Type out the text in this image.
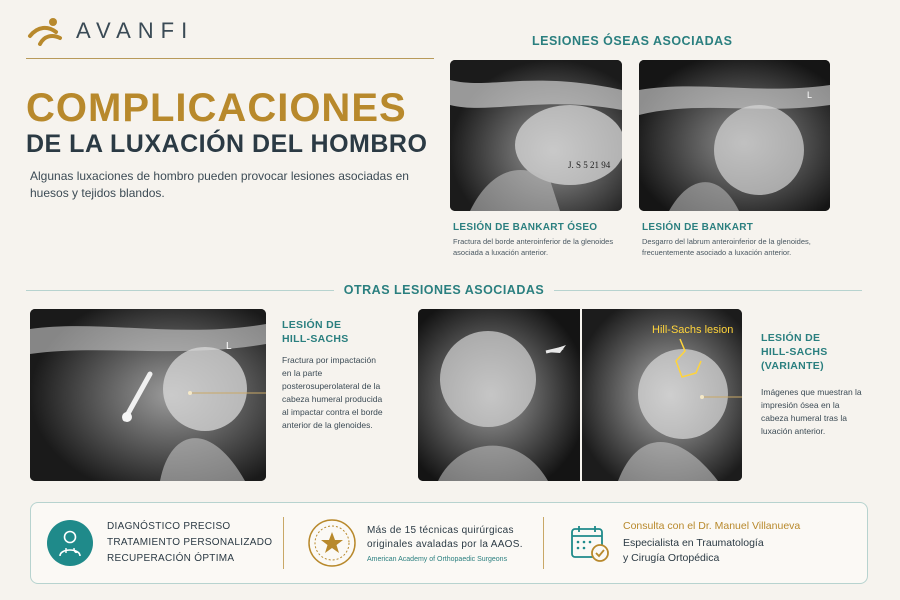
AVANFI
COMPLICACIONES
DE LA LUXACIÓN DEL HOMBRO
Algunas luxaciones de hombro pueden provocar lesiones asociadas en huesos y tejidos blandos.
LESIONES ÓSEAS ASOCIADAS
J. S 5 21 94
L
LESIÓN DE BANKART ÓSEO
Fractura del borde anteroinferior de la glenoides asociada a luxación anterior.
LESIÓN DE BANKART
Desgarro del labrum anteroinferior de la glenoides, frecuentemente asociado a luxación anterior.
OTRAS LESIONES ASOCIADAS
L
LESIÓN DE
HILL-SACHS
Fractura por impactación en la parte posterosuperolateral de la cabeza humeral producida al impactar contra el borde anterior de la glenoides.
Hill-Sachs lesion
LESIÓN DE
HILL-SACHS
(VARIANTE)
Imágenes que muestran la impresión ósea en la cabeza humeral tras la luxación anterior.
DIAGNÓSTICO PRECISO
TRATAMIENTO PERSONALIZADO
RECUPERACIÓN ÓPTIMA
Más de 15 técnicas quirúrgicas
originales avaladas por la AAOS.
American Academy of Orthopaedic Surgeons
Consulta con el Dr. Manuel Villanueva
Especialista en Traumatología
y Cirugía Ortopédica
